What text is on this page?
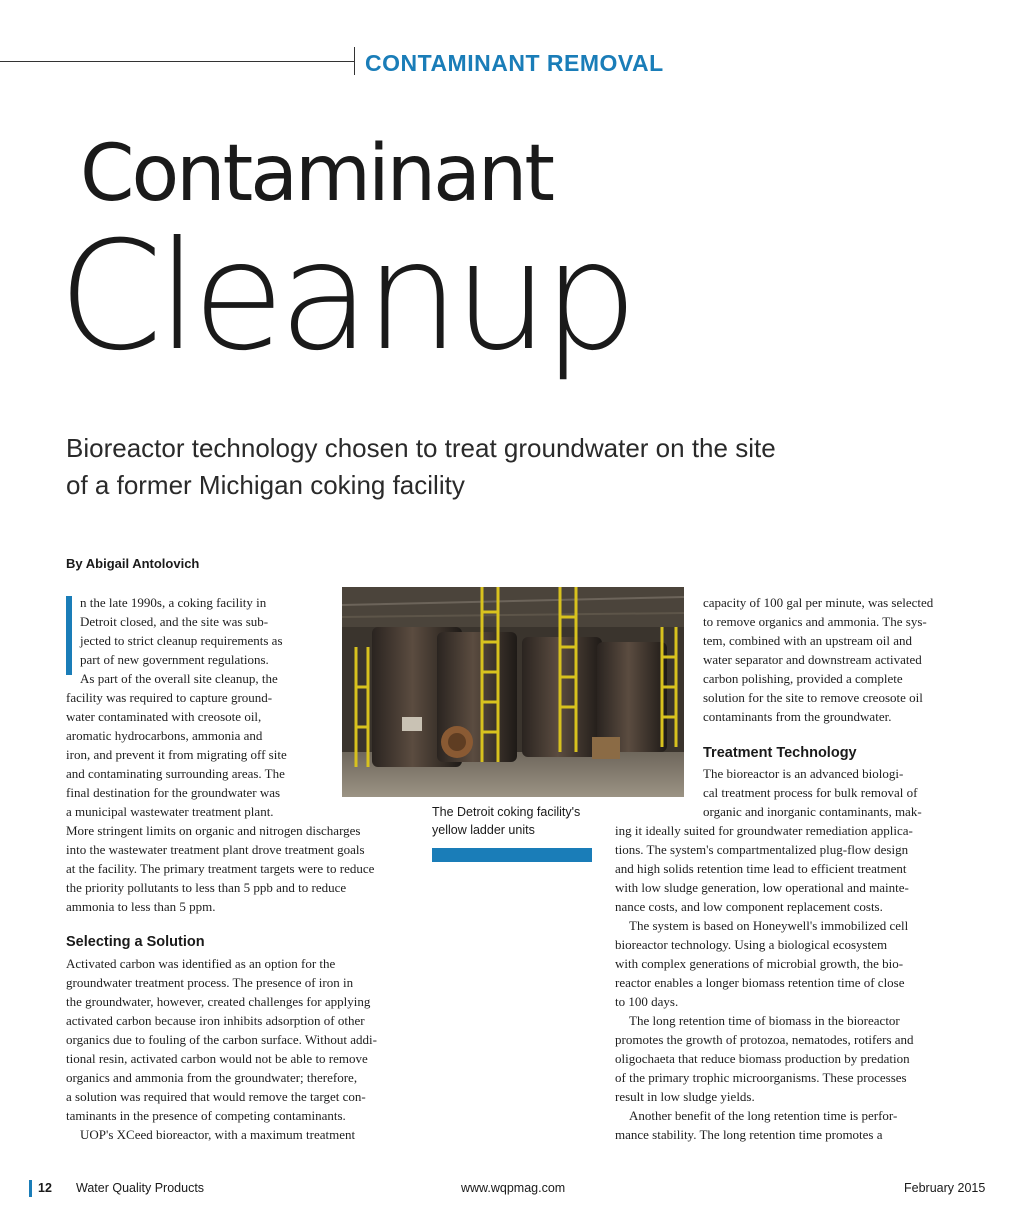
CONTAMINANT REMOVAL
Contaminant
Cleanup
Bioreactor technology chosen to treat groundwater on the site
of a former Michigan coking facility
By Abigail Antolovich
n the late 1990s, a coking facility in
Detroit closed, and the site was sub-
jected to strict cleanup requirements as
part of new government regulations.
As part of the overall site cleanup, the
facility was required to capture ground-
water contaminated with creosote oil,
aromatic hydrocarbons, ammonia and
iron, and prevent it from migrating off site
and contaminating surrounding areas. The
final destination for the groundwater was
a municipal wastewater treatment plant.
More stringent limits on organic and nitrogen discharges
into the wastewater treatment plant drove treatment goals
at the facility. The primary treatment targets were to reduce
the priority pollutants to less than 5 ppb and to reduce
ammonia to less than 5 ppm.
Selecting a Solution
Activated carbon was identified as an option for the
groundwater treatment process. The presence of iron in
the groundwater, however, created challenges for applying
activated carbon because iron inhibits adsorption of other
organics due to fouling of the carbon surface. Without addi-
tional resin, activated carbon would not be able to remove
organics and ammonia from the groundwater; therefore,
a solution was required that would remove the target con-
taminants in the presence of competing contaminants.
UOP's XCeed bioreactor, with a maximum treatment
The Detroit coking facility's
yellow ladder units
capacity of 100 gal per minute, was selected
to remove organics and ammonia. The sys-
tem, combined with an upstream oil and
water separator and downstream activated
carbon polishing, provided a complete
solution for the site to remove creosote oil
contaminants from the groundwater.
Treatment Technology
The bioreactor is an advanced biologi-
cal treatment process for bulk removal of
organic and inorganic contaminants, mak-
ing it ideally suited for groundwater remediation applica-
tions. The system's compartmentalized plug-flow design
and high solids retention time lead to efficient treatment
with low sludge generation, low operational and mainte-
nance costs, and low component replacement costs.
The system is based on Honeywell's immobilized cell
bioreactor technology. Using a biological ecosystem
with complex generations of microbial growth, the bio-
reactor enables a longer biomass retention time of close
to 100 days.
The long retention time of biomass in the bioreactor
promotes the growth of protozoa, nematodes, rotifers and
oligochaeta that reduce biomass production by predation
of the primary trophic microorganisms. These processes
result in low sludge yields.
Another benefit of the long retention time is perfor-
mance stability. The long retention time promotes a
12 Water Quality Products	www.wqpmag.com	February 2015
